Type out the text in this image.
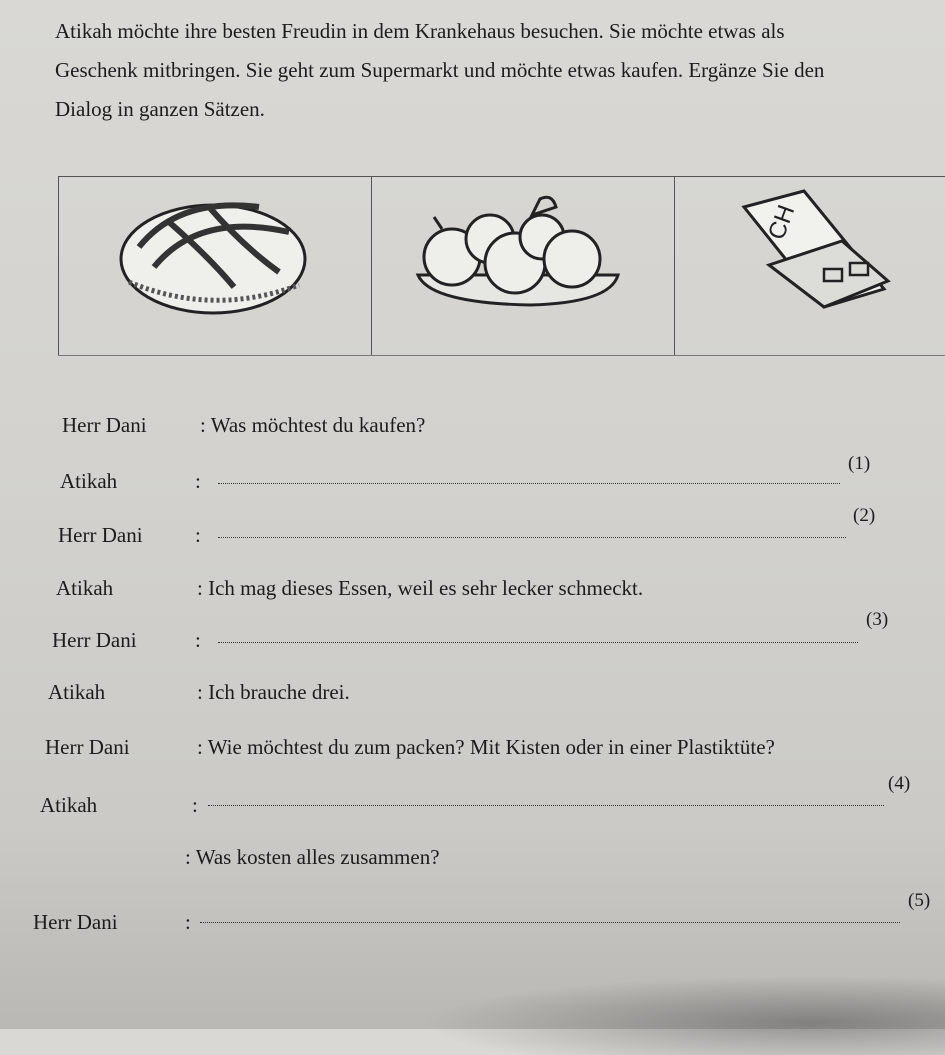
Atikah möchte ihre besten Freudin in dem Krankehaus besuchen. Sie möchte etwas als

Geschenk mitbringen. Sie geht zum Supermarkt und möchte etwas kaufen. Ergänze Sie den

Dialog in ganzen Sätzen.

CH
Herr Dani	: Was möchtest du kaufen?
Atikah	:
(1)
Herr Dani :
(2)
Atikah	: Ich mag dieses Essen, weil es sehr lecker schmeckt.
Herr Dani	:
(3)
Atikah	: Ich brauche drei.
Herr Dani	: Wie möchtest du zum packen? Mit Kisten oder in einer Plastiktüte?
Atikah	:
(4)
: Was kosten alles zusammen?
Herr Dani	:
(5)
